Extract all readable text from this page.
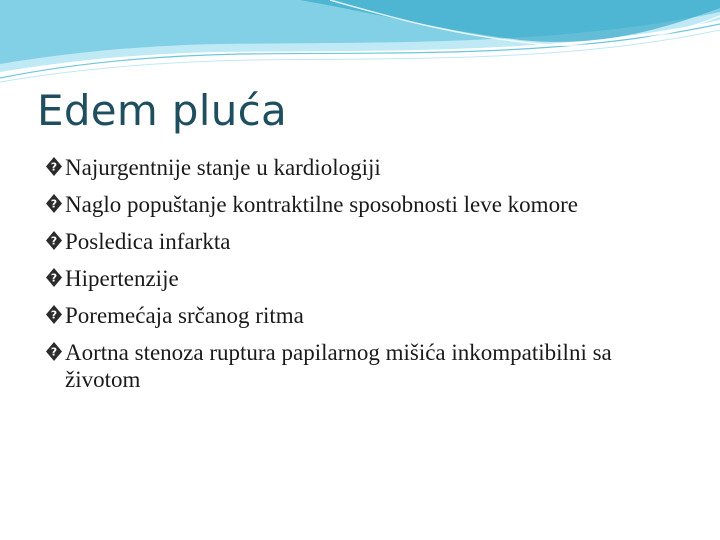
Edem pluća
? Najurgentnije stanje u kardiologiji
? Naglo popuštanje kontraktilne sposobnosti leve komore
? Posledica infarkta
? Hipertenzije
? Poremećaja srčanog ritma
? Aortna stenoza ruptura papilarnog mišića inkompatibilni sa životom
